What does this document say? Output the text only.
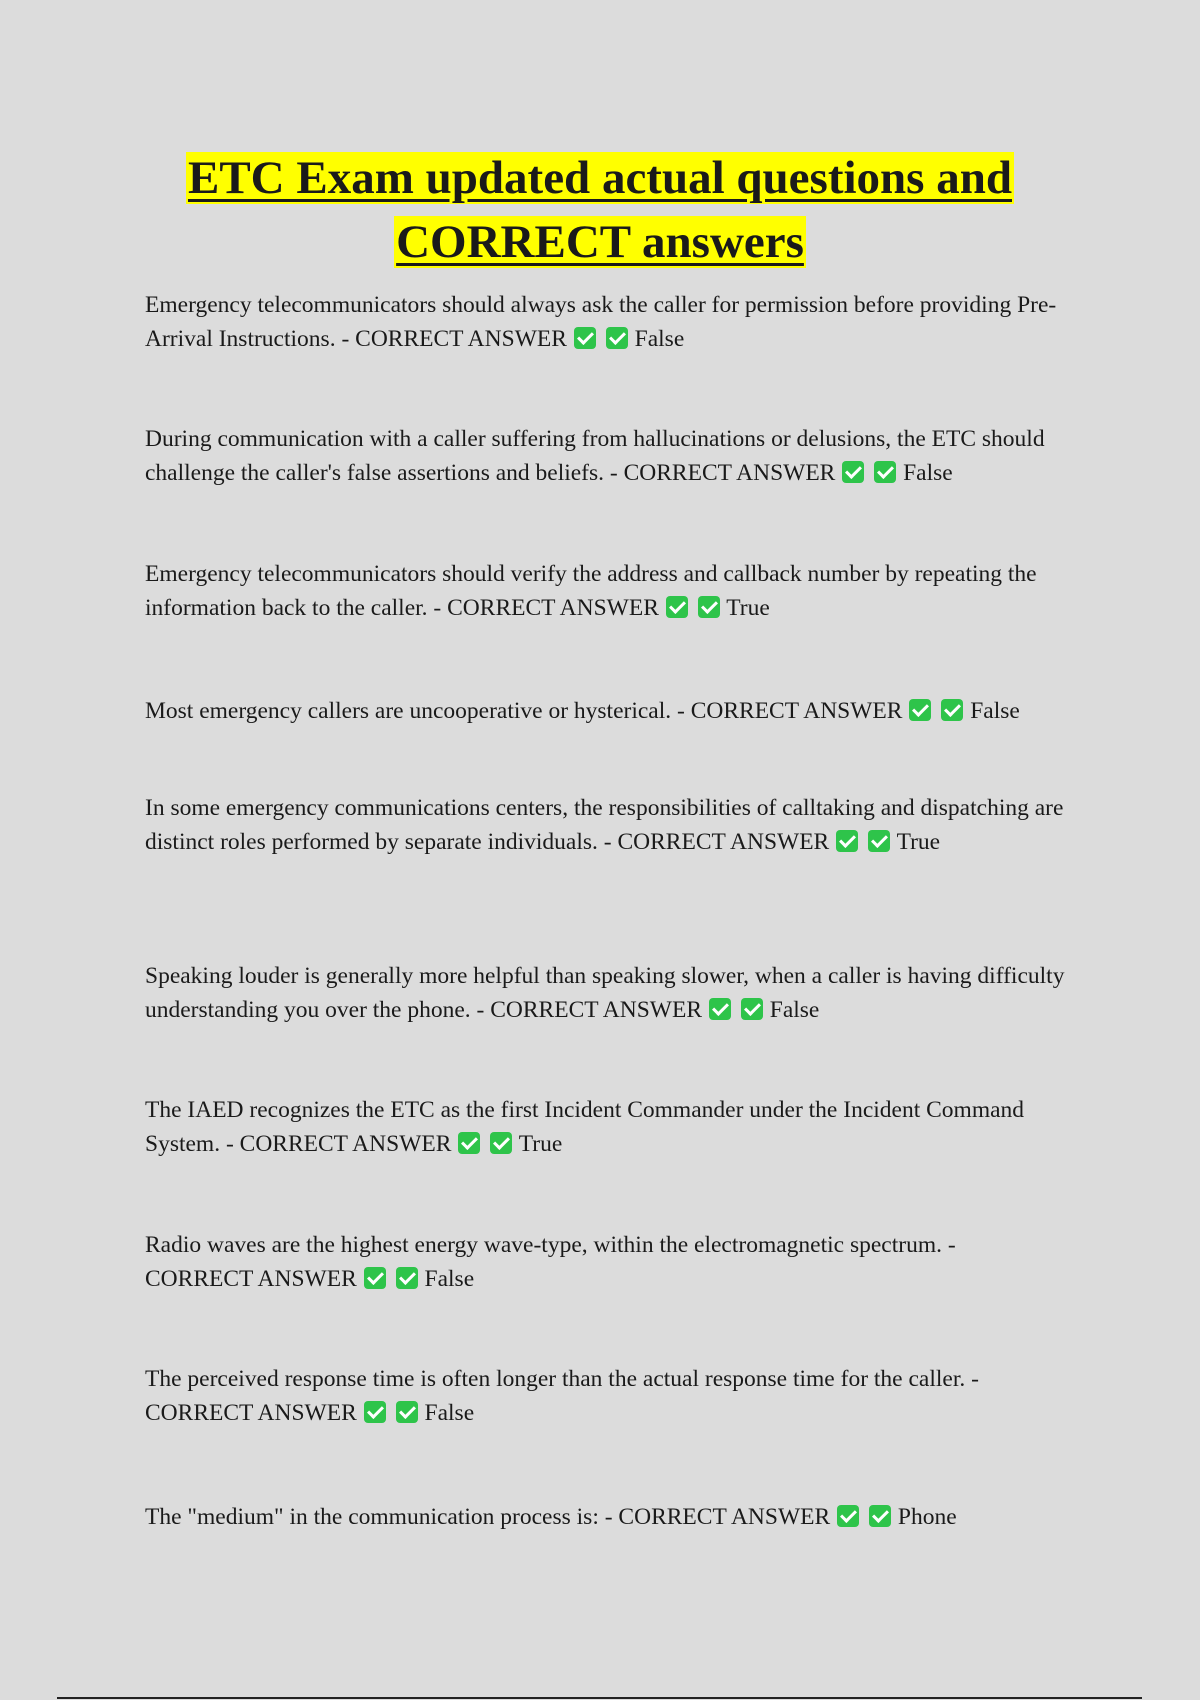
ETC Exam updated actual questions and
CORRECT answers
Emergency telecommunicators should always ask the caller for permission before providing Pre-Arrival Instructions. - CORRECT ANSWER	False
During communication with a caller suffering from hallucinations or delusions, the ETC should challenge the caller's false assertions and beliefs. - CORRECT ANSWER	False
Emergency telecommunicators should verify the address and callback number by repeating the information back to the caller. - CORRECT ANSWER	True
Most emergency callers are uncooperative or hysterical. - CORRECT ANSWER	False
In some emergency communications centers, the responsibilities of calltaking and dispatching are distinct roles performed by separate individuals. - CORRECT ANSWER	True
Speaking louder is generally more helpful than speaking slower, when a caller is having difficulty understanding you over the phone. - CORRECT ANSWER	False
The IAED recognizes the ETC as the first Incident Commander under the Incident Command System. - CORRECT ANSWER	True
Radio waves are the highest energy wave-type, within the electromagnetic spectrum. - CORRECT ANSWER	False
The perceived response time is often longer than the actual response time for the caller. - CORRECT ANSWER	False
The "medium" in the communication process is: - CORRECT ANSWER	Phone
